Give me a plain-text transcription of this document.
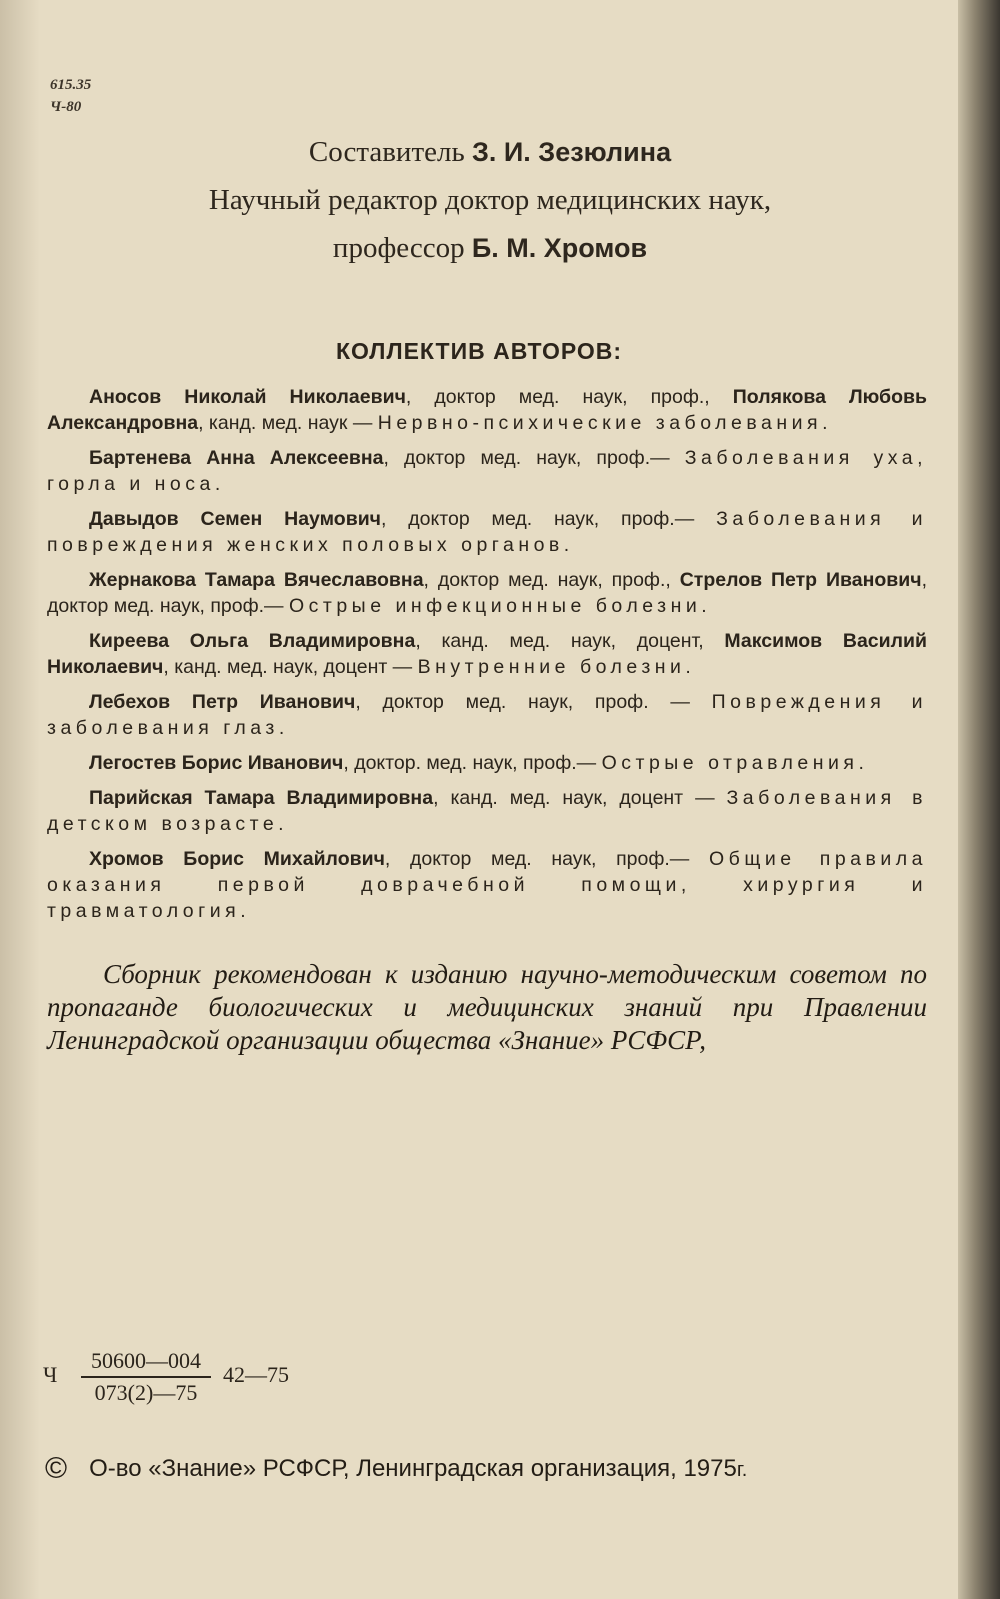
615.35
Ч-80
Составитель З. И. Зезюлина
Научный редактор доктор медицинских наук,
профессор Б. М. Хромов
КОЛЛЕКТИВ АВТОРОВ:
Аносов Николай Николаевич, доктор мед. наук, проф., Полякова Любовь Александровна, канд. мед. наук — Нервно-психические заболевания.
Бартенева Анна Алексеевна, доктор мед. наук, проф.— Заболевания уха, горла и носа.
Давыдов Семен Наумович, доктор мед. наук, проф.— Заболевания и повреждения женских половых органов.
Жернакова Тамара Вячеславовна, доктор мед. наук, проф., Стрелов Петр Иванович, доктор мед. наук, проф.— Острые инфекционные болезни.
Киреева Ольга Владимировна, канд. мед. наук, доцент, Максимов Василий Николаевич, канд. мед. наук, доцент — Внутренние болезни.
Лебехов Петр Иванович, доктор мед. наук, проф. — Повреждения и заболевания глаз.
Легостев Борис Иванович, доктор. мед. наук, проф.— Острые отравления.
Парийская Тамара Владимировна, канд. мед. наук, доцент — Заболевания в детском возрасте.
Хромов Борис Михайлович, доктор мед. наук, проф.— Общие правила оказания первой доврачебной помощи, хирургия и травматология.
Сборник рекомендован к изданию научно-методическим советом по пропаганде биологических и медицинских знаний при Правлении Ленинградской организации общества «Знание» РСФСР,
Ч
50600—004
073(2)—75
42—75
© О-во «Знание» РСФСР, Ленинградская организация, 1975г.
